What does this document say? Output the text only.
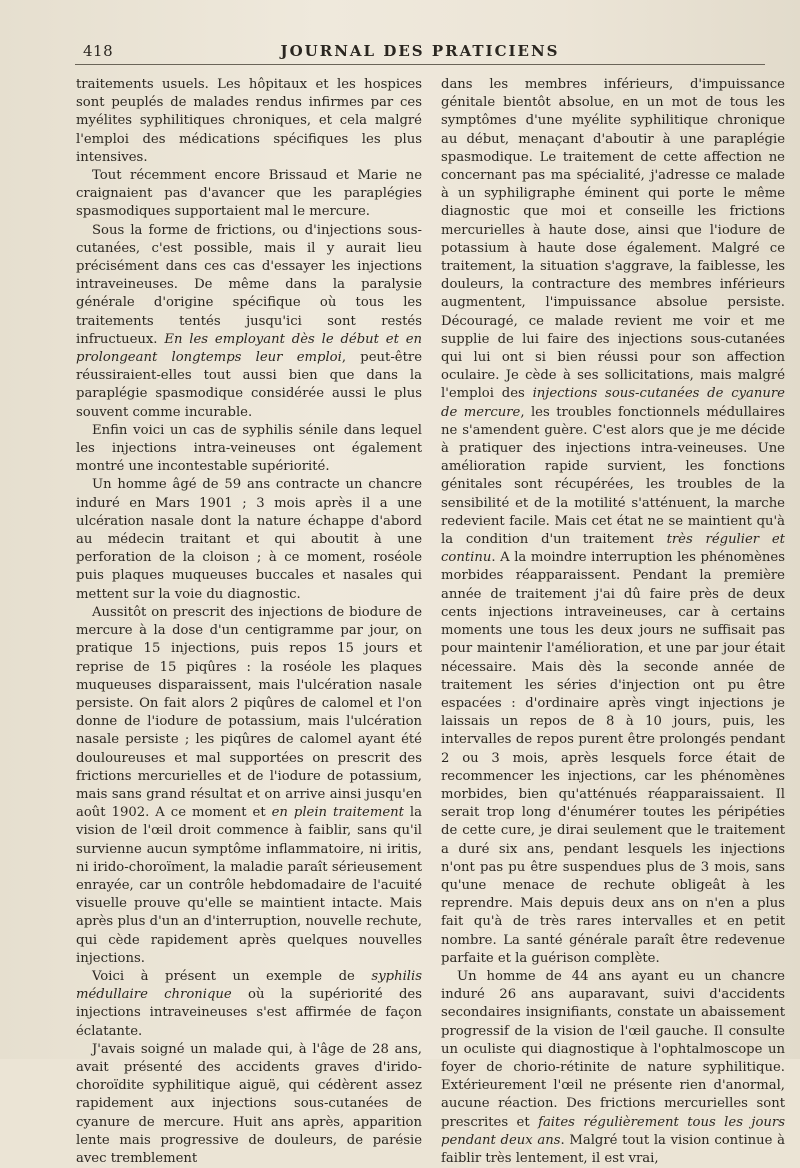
418	JOURNAL DES PRATICIENS

traitements usuels. Les hôpitaux et les hospices sont peuplés de malades rendus infirmes par ces myélites syphilitiques chroniques, et cela malgré l'emploi des médications spécifiques les plus intensives.

Tout récemment encore Brissaud et Marie ne craignaient pas d'avancer que les paraplégies spasmodiques supportaient mal le mercure.

Sous la forme de frictions, ou d'injections sous-cutanées, c'est possible, mais il y aurait lieu précisément dans ces cas d'essayer les injections intraveineuses. De même dans la paralysie générale d'origine spécifique où tous les traitements tentés jusqu'ici sont restés infructueux. En les employant dès le début et en prolongeant longtemps leur emploi, peut-être réussiraient-elles tout aussi bien que dans la paraplégie spasmodique considérée aussi le plus souvent comme incurable.

Enfin voici un cas de syphilis sénile dans lequel les injections intra-veineuses ont également montré une incontestable supériorité.

Un homme âgé de 59 ans contracte un chancre induré en Mars 1901 ; 3 mois après il a une ulcération nasale dont la nature échappe d'abord au médecin traitant et qui aboutit à une perforation de la cloison ; à ce moment, roséole puis plaques muqueuses buccales et nasales qui mettent sur la voie du diagnostic.

Aussitôt on prescrit des injections de biodure de mercure à la dose d'un centigramme par jour, on pratique 15 injections, puis repos 15 jours et reprise de 15 piqûres : la roséole les plaques muqueuses disparaissent, mais l'ulcération nasale persiste. On fait alors 2 piqûres de calomel et l'on donne de l'iodure de potassium, mais l'ulcération nasale persiste ; les piqûres de calomel ayant été douloureuses et mal supportées on prescrit des frictions mercurielles et de l'iodure de potassium, mais sans grand résultat et on arrive ainsi jusqu'en août 1902. A ce moment et en plein traitement la vision de l'œil droit commence à faiblir, sans qu'il survienne aucun symptôme inflammatoire, ni iritis, ni irido-choroïment, la maladie paraît sérieusement enrayée, car un contrôle hebdomadaire de l'acuité visuelle prouve qu'elle se maintient intacte. Mais après plus d'un an d'interruption, nouvelle rechute, qui cède rapidement après quelques nouvelles injections.

Voici à présent un exemple de syphilis médullaire chronique où la supériorité des injections intraveineuses s'est affirmée de façon éclatante.

J'avais soigné un malade qui, à l'âge de 28 ans, avait présenté des accidents graves d'irido-choroïdite syphilitique aiguë, qui cédèrent assez rapidement aux injections sous-cutanées de cyanure de mercure. Huit ans après, apparition lente mais progressive de douleurs, de parésie avec tremblement

dans les membres inférieurs, d'impuissance génitale bientôt absolue, en un mot de tous les symptômes d'une myélite syphilitique chronique au début, menaçant d'aboutir à une paraplégie spasmodique. Le traitement de cette affection ne concernant pas ma spécialité, j'adresse ce malade à un syphiligraphe éminent qui porte le même diagnostic que moi et conseille les frictions mercurielles à haute dose, ainsi que l'iodure de potassium à haute dose également. Malgré ce traitement, la situation s'aggrave, la faiblesse, les douleurs, la contracture des membres inférieurs augmentent, l'impuissance absolue persiste. Découragé, ce malade revient me voir et me supplie de lui faire des injections sous-cutanées qui lui ont si bien réussi pour son affection oculaire. Je cède à ses sollicitations, mais malgré l'emploi des injections sous-cutanées de cyanure de mercure, les troubles fonctionnels médullaires ne s'amendent guère. C'est alors que je me décide à pratiquer des injections intra-veineuses. Une amélioration rapide survient, les fonctions génitales sont récupérées, les troubles de la sensibilité et de la motilité s'atténuent, la marche redevient facile. Mais cet état ne se maintient qu'à la condition d'un traitement très régulier et continu. A la moindre interruption les phénomènes morbides réapparaissent. Pendant la première année de traitement j'ai dû faire près de deux cents injections intraveineuses, car à certains moments une tous les deux jours ne suffisait pas pour maintenir l'amélioration, et une par jour était nécessaire. Mais dès la seconde année de traitement les séries d'injection ont pu être espacées : d'ordinaire après vingt injections je laissais un repos de 8 à 10 jours, puis, les intervalles de repos purent être prolongés pendant 2 ou 3 mois, après lesquels force était de recommencer les injections, car les phénomènes morbides, bien qu'atténués réapparaissaient. Il serait trop long d'énumérer toutes les péripéties de cette cure, je dirai seulement que le traitement a duré six ans, pendant lesquels les injections n'ont pas pu être suspendues plus de 3 mois, sans qu'une menace de rechute obligeât à les reprendre. Mais depuis deux ans on n'en a plus fait qu'à de très rares intervalles et en petit nombre. La santé générale paraît être redevenue parfaite et la guérison complète.

Un homme de 44 ans ayant eu un chancre induré 26 ans auparavant, suivi d'accidents secondaires insignifiants, constate un abaissement progressif de la vision de l'œil gauche. Il consulte un oculiste qui diagnostique à l'ophtalmoscope un foyer de chorio-rétinite de nature syphilitique. Extérieurement l'œil ne présente rien d'anormal, aucune réaction. Des frictions mercurielles sont prescrites et faites régulièrement tous les jours pendant deux ans. Malgré tout la vision continue à faiblir très lentement, il est vrai,
